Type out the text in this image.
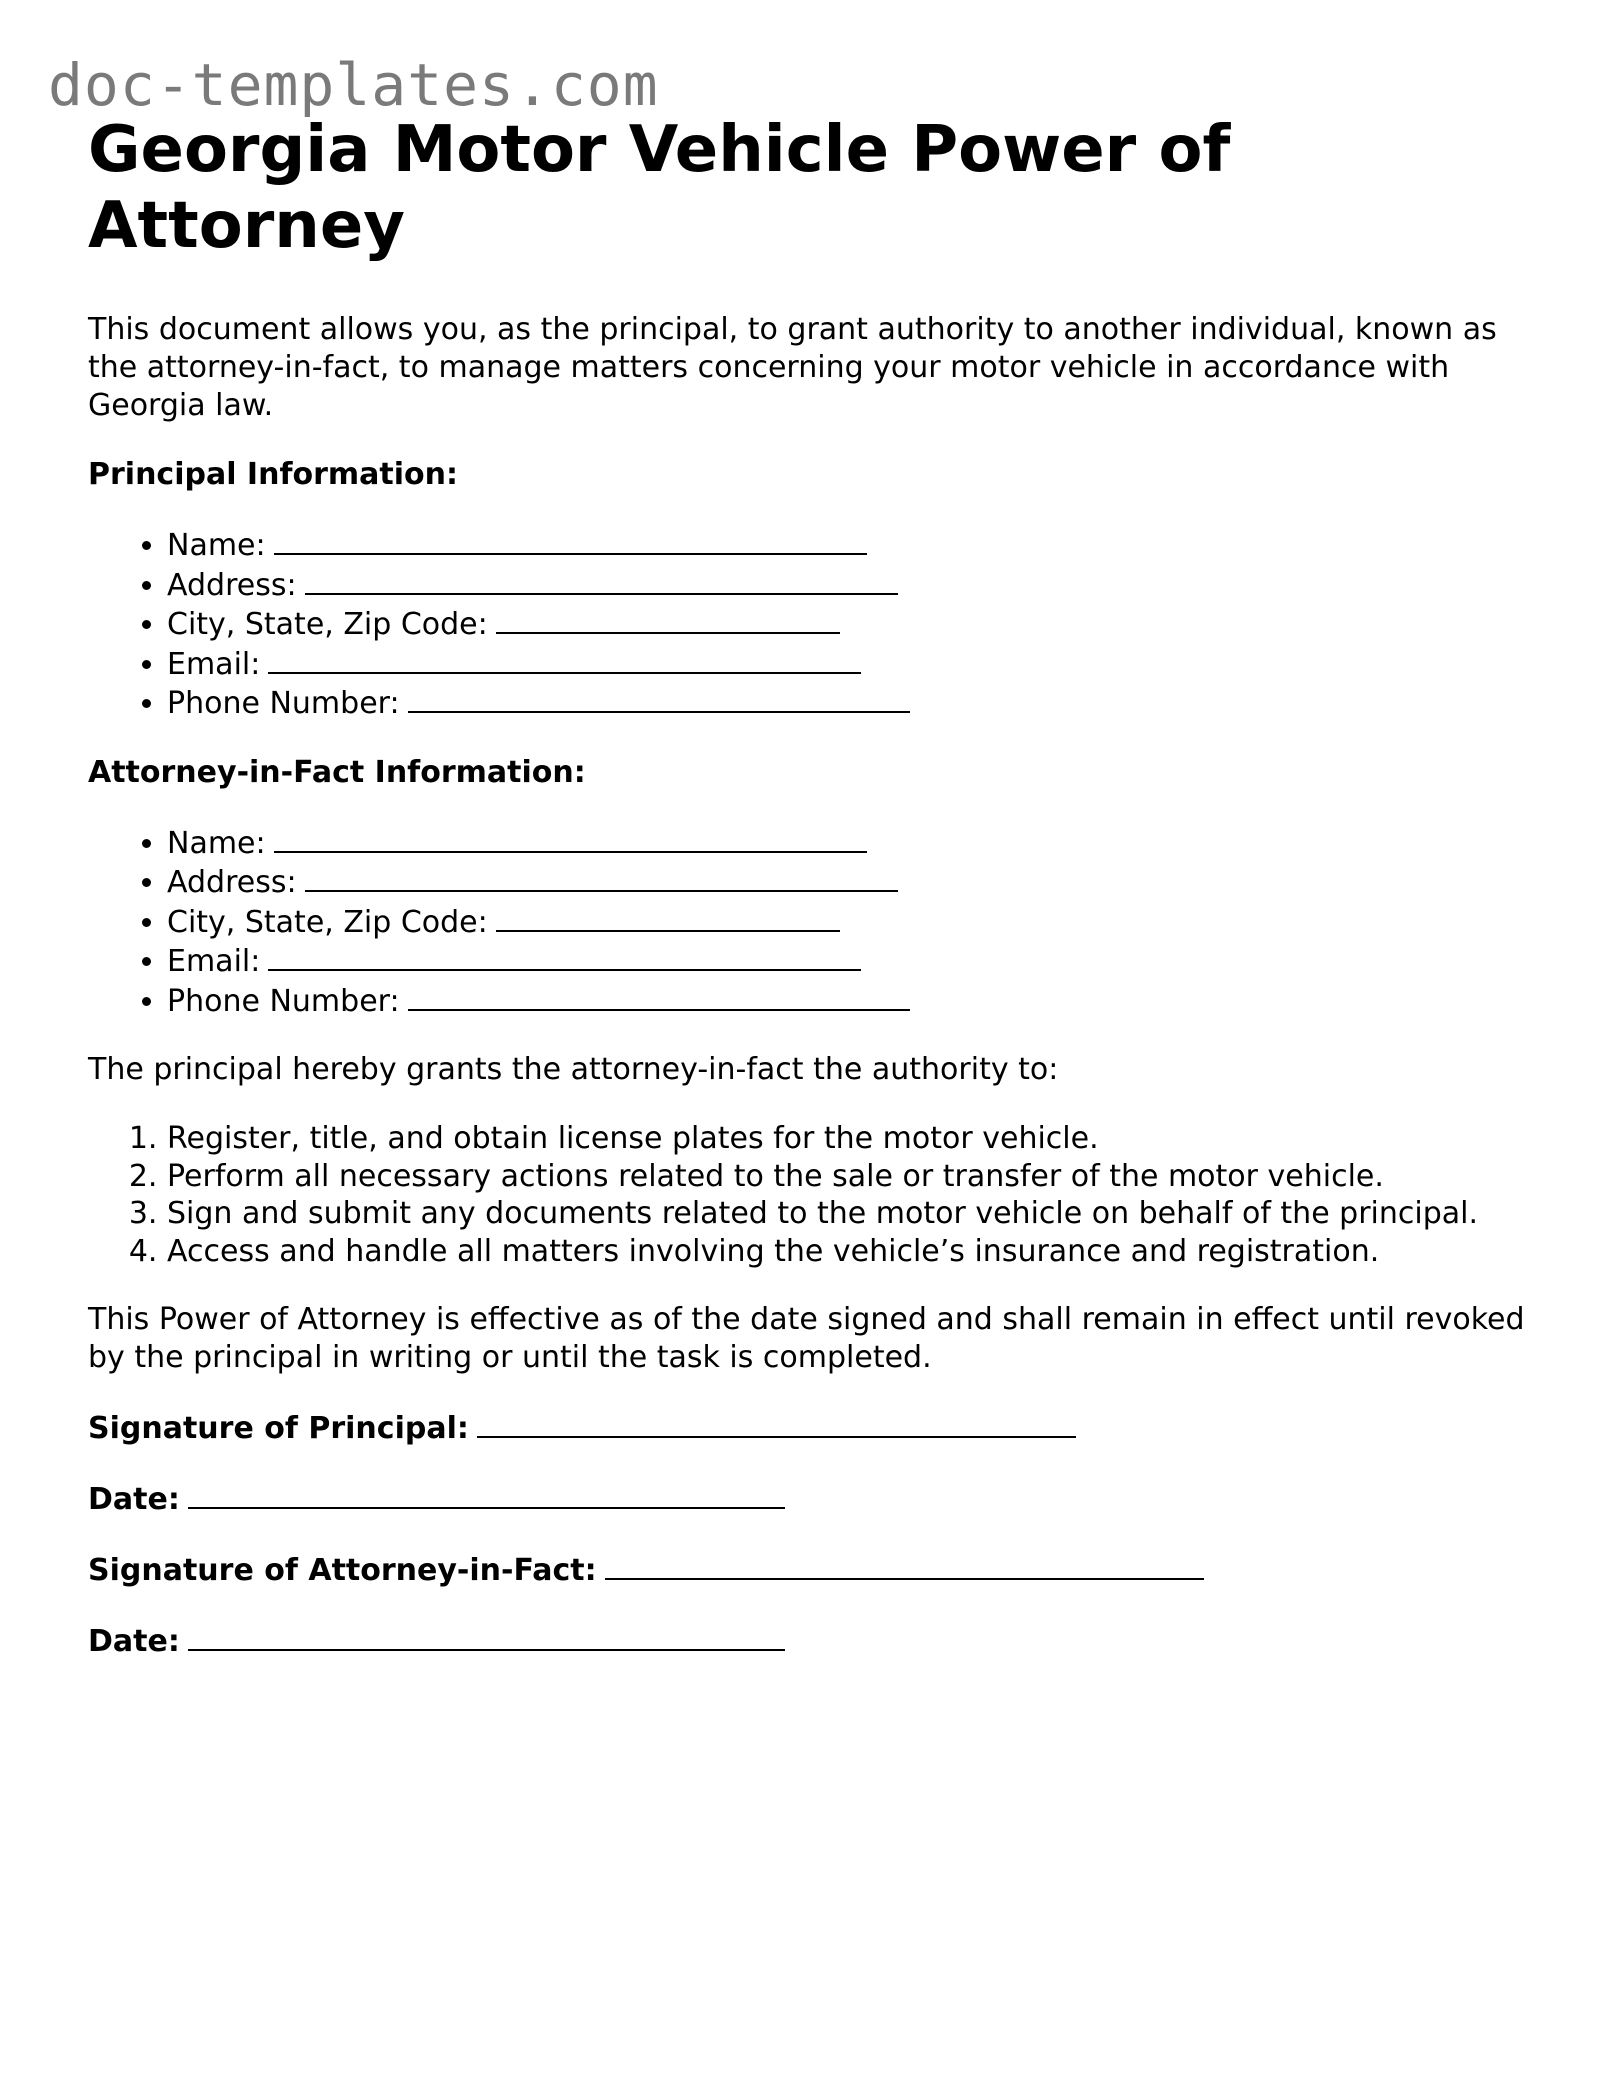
doc-templates.com
Georgia Motor Vehicle Power of Attorney

This document allows you, as the principal, to grant authority to another individual, known as the attorney-in-fact, to manage matters concerning your motor vehicle in accordance with Georgia law.

Principal Information:

• Name:
• Address:
• City, State, Zip Code:
• Email:
• Phone Number:

Attorney-in-Fact Information:

• Name:
• Address:
• City, State, Zip Code:
• Email:
• Phone Number:

The principal hereby grants the attorney-in-fact the authority to:

1. Register, title, and obtain license plates for the motor vehicle.
2. Perform all necessary actions related to the sale or transfer of the motor vehicle.
3. Sign and submit any documents related to the motor vehicle on behalf of the principal.
4. Access and handle all matters involving the vehicle’s insurance and registration.

This Power of Attorney is effective as of the date signed and shall remain in effect until revoked by the principal in writing or until the task is completed.

Signature of Principal:

Date:

Signature of Attorney-in-Fact:

Date:
